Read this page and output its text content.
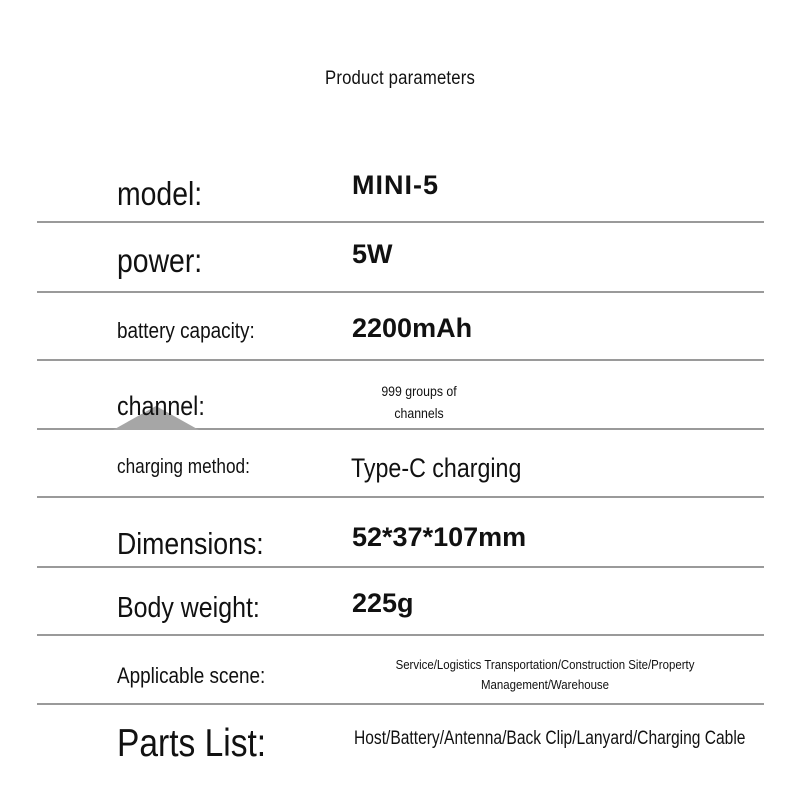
Product parameters
model:	MINI-5
power:	5W
battery capacity:	2200mAh
channel:	999 groups of
channels
charging method:	Type-C charging
Dimensions:	52*37*107mm
Body weight:	225g
Applicable scene:	Service/Logistics Transportation/Construction Site/Property
Management/Warehouse
Parts List:	Host/Battery/Antenna/Back Clip/Lanyard/Charging Cable
